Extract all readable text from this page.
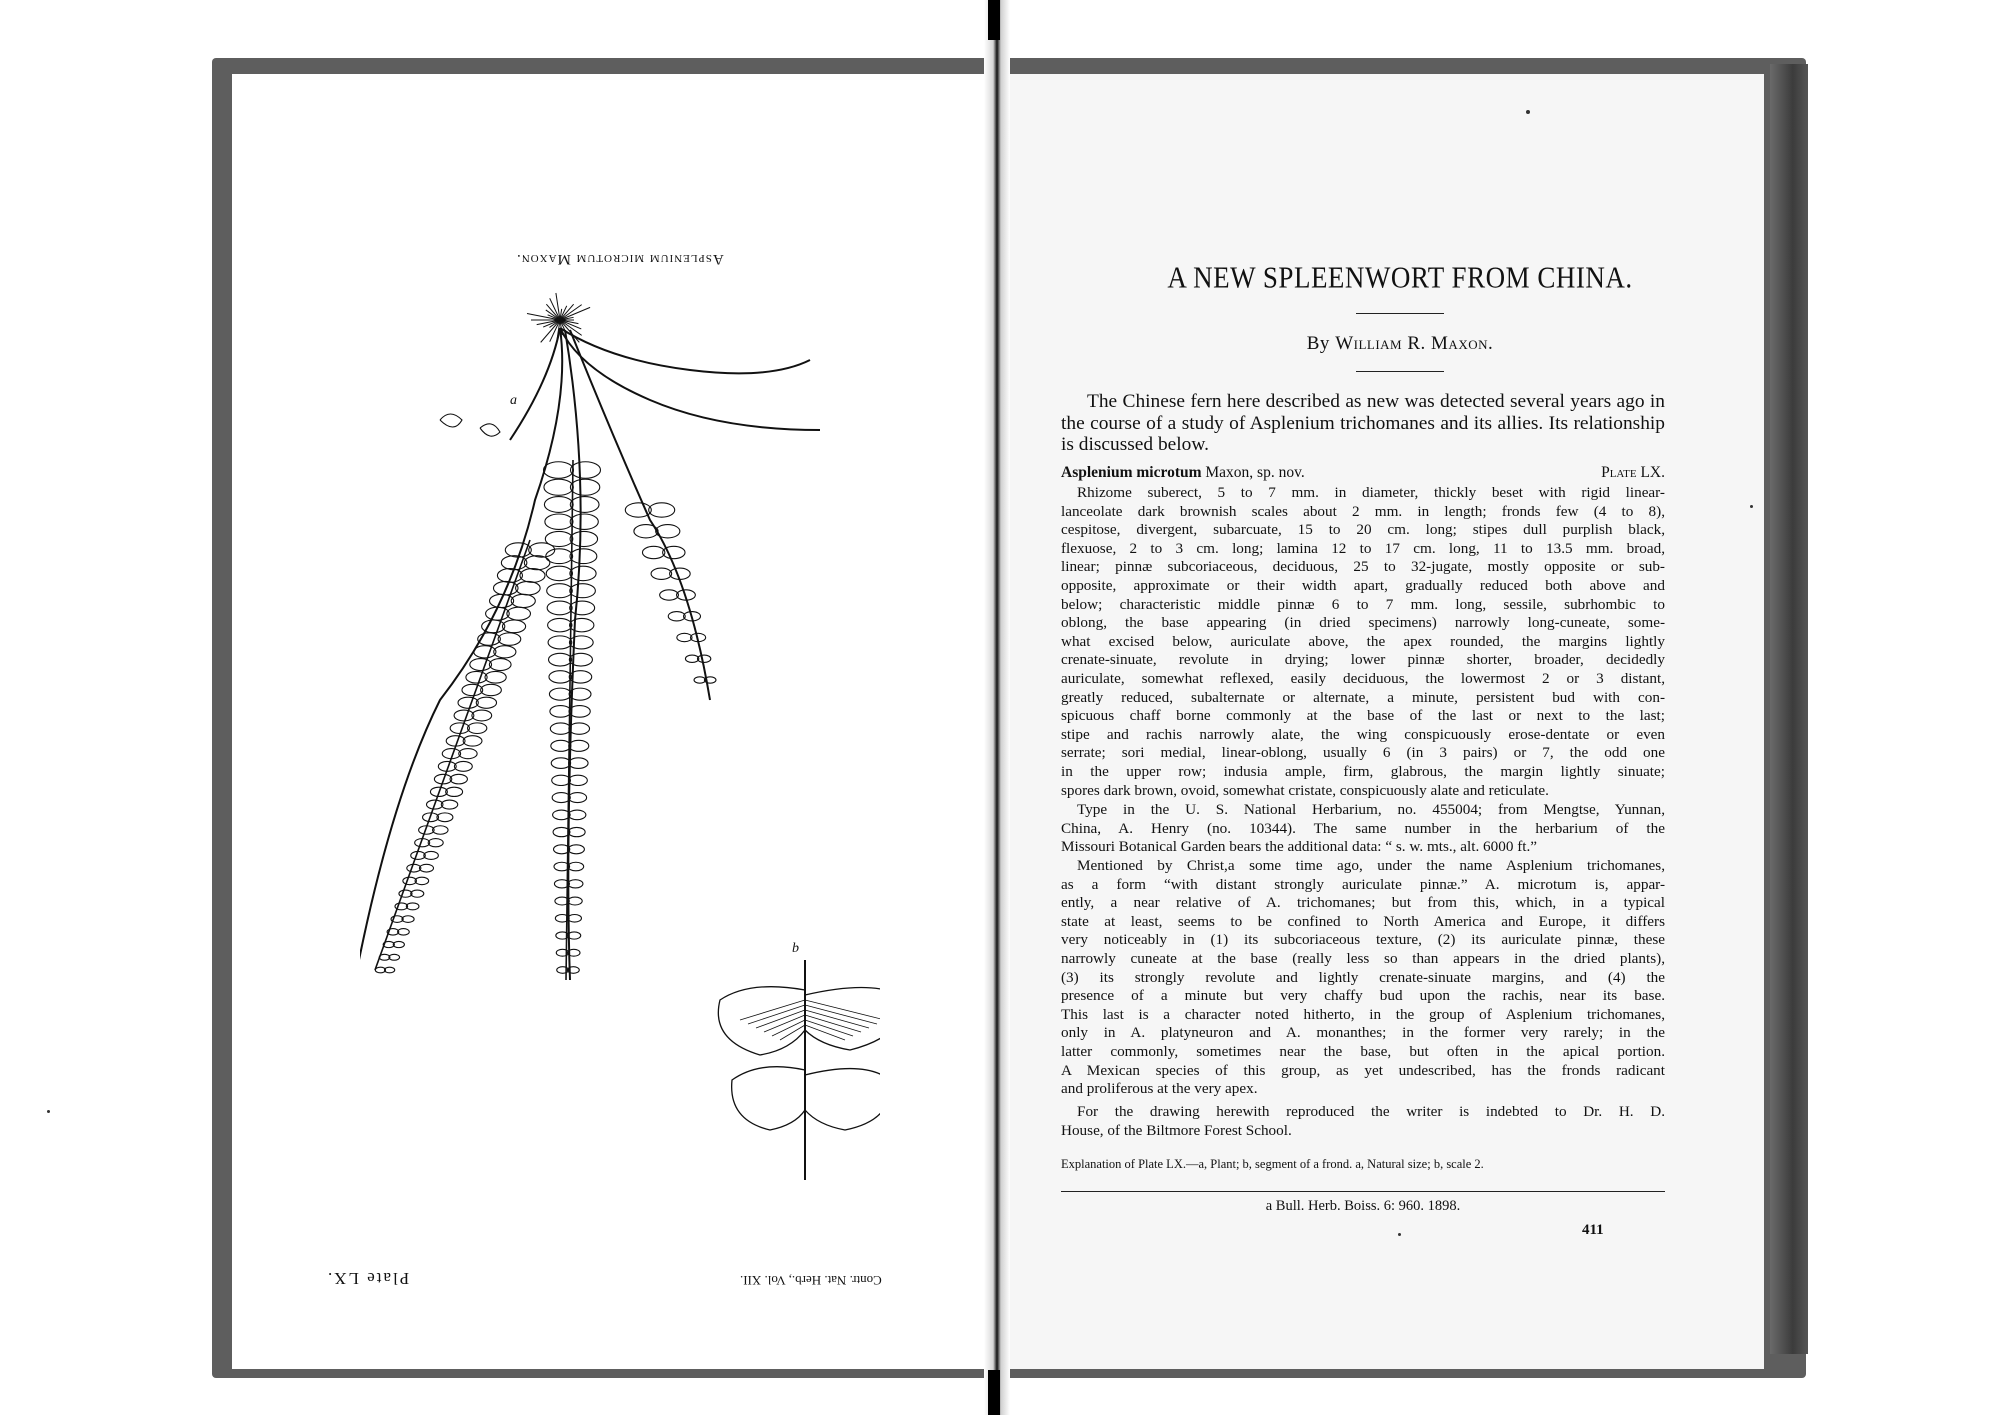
Asplenium microtum Maxon.
a
b
Plate LX.	Contr. Nat. Herb., Vol. XII.
A NEW SPLEENWORT FROM CHINA.
By William R. Maxon.
The Chinese fern here described as new was detected several years ago in the course of a study of Asplenium trichomanes and its allies. Its relationship is discussed below.
Asplenium microtum Maxon, sp. nov.	Plate LX.
Rhizome suberect, 5 to 7 mm. in diameter, thickly beset with rigid linear-
lanceolate dark brownish scales about 2 mm. in length; fronds few (4 to 8),
cespitose, divergent, subarcuate, 15 to 20 cm. long; stipes dull purplish black,
flexuose, 2 to 3 cm. long; lamina 12 to 17 cm. long, 11 to 13.5 mm. broad,
linear; pinnæ subcoriaceous, deciduous, 25 to 32-jugate, mostly opposite or sub-
opposite, approximate or their width apart, gradually reduced both above and
below; characteristic middle pinnæ 6 to 7 mm. long, sessile, subrhombic to
oblong, the base appearing (in dried specimens) narrowly long-cuneate, some-
what excised below, auriculate above, the apex rounded, the margins lightly
crenate-sinuate, revolute in drying; lower pinnæ shorter, broader, decidedly
auriculate, somewhat reflexed, easily deciduous, the lowermost 2 or 3 distant,
greatly reduced, subalternate or alternate, a minute, persistent bud with con-
spicuous chaff borne commonly at the base of the last or next to the last;
stipe and rachis narrowly alate, the wing conspicuously erose-dentate or even
serrate; sori medial, linear-oblong, usually 6 (in 3 pairs) or 7, the odd one
in the upper row; indusia ample, firm, glabrous, the margin lightly sinuate;
spores dark brown, ovoid, somewhat cristate, conspicuously alate and reticulate.
Type in the U. S. National Herbarium, no. 455004; from Mengtse, Yunnan,
China, A. Henry (no. 10344). The same number in the herbarium of the
Missouri Botanical Garden bears the additional data: “ s. w. mts., alt. 6000 ft.”
Mentioned by Christ,a some time ago, under the name Asplenium trichomanes,
as a form “with distant strongly auriculate pinnæ.” A. microtum is, appar-
ently, a near relative of A. trichomanes; but from this, which, in a typical
state at least, seems to be confined to North America and Europe, it differs
very noticeably in (1) its subcoriaceous texture, (2) its auriculate pinnæ, these
narrowly cuneate at the base (really less so than appears in the dried plants),
(3) its strongly revolute and lightly crenate-sinuate margins, and (4) the
presence of a minute but very chaffy bud upon the rachis, near its base.
This last is a character noted hitherto, in the group of Asplenium trichomanes,
only in A. platyneuron and A. monanthes; in the former very rarely; in the
latter commonly, sometimes near the base, but often in the apical portion.
A Mexican species of this group, as yet undescribed, has the fronds radicant
and proliferous at the very apex.
For the drawing herewith reproduced the writer is indebted to Dr. H. D.
House, of the Biltmore Forest School.
Explanation of Plate LX.—a, Plant; b, segment of a frond. a, Natural size; b, scale 2.
a Bull. Herb. Boiss. 6: 960. 1898.
411
